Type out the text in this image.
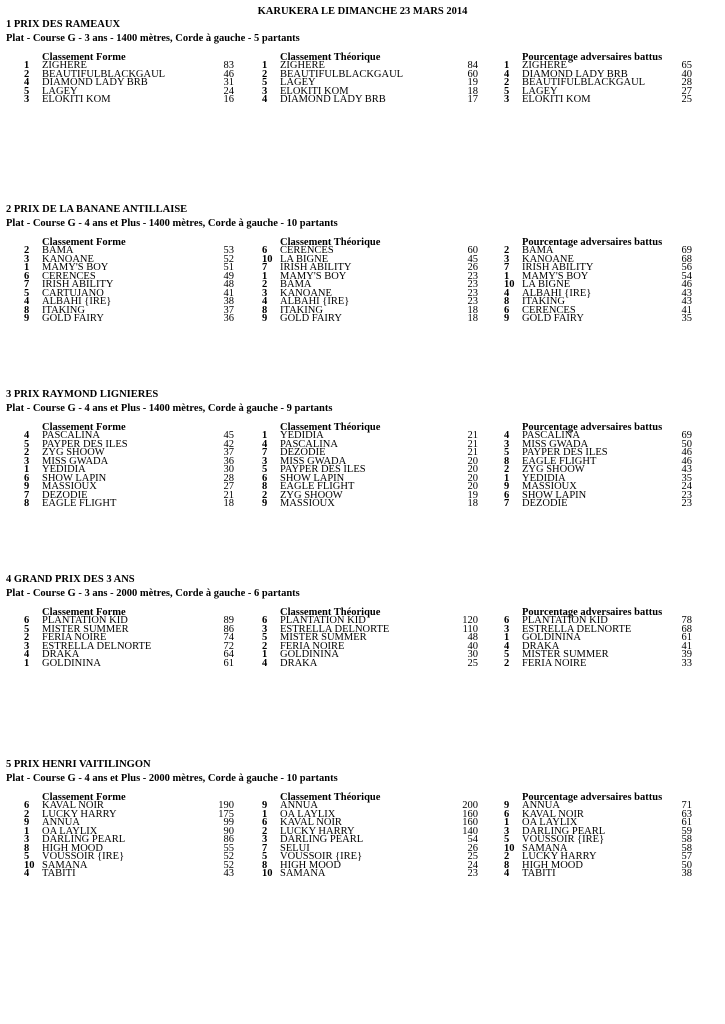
KARUKERA LE DIMANCHE 23 MARS 2014
1 PRIX DES RAMEAUX
Plat - Course G - 3 ans - 1400 mètres, Corde à gauche - 5 partants
Classement Forme
1	ZIGHERE	83
2	BEAUTIFULBLACKGAUL	46
4	DIAMOND LADY BRB	31
5	LAGEY	24
3	ELOKITI KOM	16
Classement Théorique
1	ZIGHERE	84
2	BEAUTIFULBLACKGAUL	60
5	LAGEY	19
3	ELOKITI KOM	18
4	DIAMOND LADY BRB	17
Pourcentage adversaires battus
1	ZIGHERE	65
4	DIAMOND LADY BRB	40
2	BEAUTIFULBLACKGAUL	28
5	LAGEY	27
3	ELOKITI KOM	25
2 PRIX DE LA BANANE ANTILLAISE
Plat - Course G - 4 ans et Plus - 1400 mètres, Corde à gauche - 10 partants
Classement Forme
2	BAMA	53
3	KANOANE	52
1	MAMY'S BOY	51
6	CERENCES	49
7	IRISH ABILITY	48
5	CARTUJANO	41
4	ALBAHI {IRE}	38
8	ITAKING	37
9	GOLD FAIRY	36
Classement Théorique
6	CERENCES	60
10 LA BIGNE	45
7	IRISH ABILITY	26
1	MAMY'S BOY	23
2	BAMA	23
3	KANOANE	23
4	ALBAHI {IRE}	23
8	ITAKING	18
9	GOLD FAIRY	18
Pourcentage adversaires battus
2	BAMA	69
3	KANOANE	68
7	IRISH ABILITY	56
1	MAMY'S BOY	54
10 LA BIGNE	46
4	ALBAHI {IRE}	43
8	ITAKING	43
6	CERENCES	41
9	GOLD FAIRY	35
3 PRIX RAYMOND LIGNIERES
Plat - Course G - 4 ans et Plus - 1400 mètres, Corde à gauche - 9 partants
Classement Forme
4	PASCALINA	45
5	PAYPER DES ILES	42
2	ZYG SHOOW	37
3	MISS GWADA	36
1	YEDIDIA	30
6	SHOW LAPIN	28
9	MASSIOUX	27
7	DEZODIE	21
8	EAGLE FLIGHT	18
Classement Théorique
1	YEDIDIA	21
4	PASCALINA	21
7	DEZODIE	21
3	MISS GWADA	20
5	PAYPER DES ILES	20
6	SHOW LAPIN	20
8	EAGLE FLIGHT	20
2	ZYG SHOOW	19
9	MASSIOUX	18
Pourcentage adversaires battus
4	PASCALINA	69
3	MISS GWADA	50
5	PAYPER DES ILES	46
8	EAGLE FLIGHT	46
2	ZYG SHOOW	43
1	YEDIDIA	35
9	MASSIOUX	24
6	SHOW LAPIN	23
7	DEZODIE	23
4 GRAND PRIX DES 3 ANS
Plat - Course G - 3 ans - 2000 mètres, Corde à gauche - 6 partants
Classement Forme
6	PLANTATION KID	89
5	MISTER SUMMER	86
2	FERIA NOIRE	74
3	ESTRELLA DELNORTE	72
4	DRAKA	64
1	GOLDININA	61
Classement Théorique
6	PLANTATION KID	120
3	ESTRELLA DELNORTE	110
5	MISTER SUMMER	48
2	FERIA NOIRE	40
1	GOLDININA	30
4	DRAKA	25
Pourcentage adversaires battus
6	PLANTATION KID	78
3	ESTRELLA DELNORTE	68
1	GOLDININA	61
4	DRAKA	41
5	MISTER SUMMER	39
2	FERIA NOIRE	33
5 PRIX HENRI VAITILINGON
Plat - Course G - 4 ans et Plus - 2000 mètres, Corde à gauche - 10 partants
Classement Forme
6	KAVAL NOIR	190
2	LUCKY HARRY	175
9	ANNUA	99
1	OA LAYLIX	90
3	DARLING PEARL	86
8	HIGH MOOD	55
5	VOUSSOIR {IRE}	52
10 SAMANA	52
4	TABITI	43
Classement Théorique
9	ANNUA	200
1	OA LAYLIX	160
6	KAVAL NOIR	160
2	LUCKY HARRY	140
3	DARLING PEARL	54
7	SELUI	26
5	VOUSSOIR {IRE}	25
8	HIGH MOOD	24
10 SAMANA	23
Pourcentage adversaires battus
9	ANNUA	71
6	KAVAL NOIR	63
1	OA LAYLIX	61
3	DARLING PEARL	59
5	VOUSSOIR {IRE}	58
10 SAMANA	58
2	LUCKY HARRY	57
8	HIGH MOOD	50
4	TABITI	38
